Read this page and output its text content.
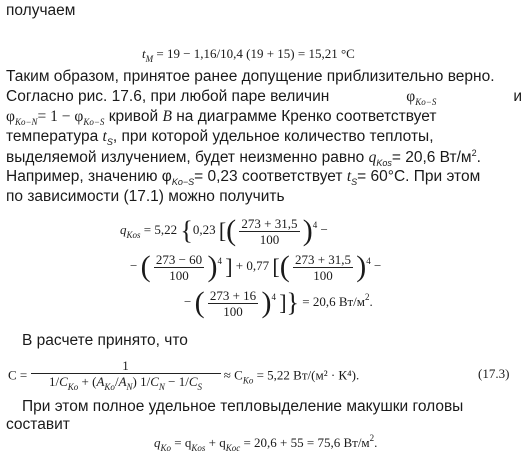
получаем
$t_M = 19 - 1,16/10,4$ (19 + 15) = 15,21 °C
Таким образом, принятое ранее допущение приблизительно верно.
Согласно рис. 17.6, при любой паре величин	$\varphi_{Ko-S}$	и
$\varphi_{Ko-N}= 1 - \varphi_{Ko-S}$ кривой B на диаграмме Кренко соответствует
температура $t_S$, при которой удельное количество теплоты,
выделяемой излучением, будет неизменно равно $q_{Kos}= 20,6$ $Вт/м^2$.
Например, значению $\varphi_{Ko-S}= 0,23$ соответствует $t_S= 60^\circ C$. При этом
по зависимости (17.1) можно получить
$q_{Kos} = 5,22$ {0,23 [( $\frac{273 + 31,5}{100} )^4$ −
− ( $\frac{273 - 60}{100} )^4$ ] + 0,77 [( $\frac{273 + 31,5}{100} )^4$ −
− ( $\frac{273 + 16}{100} )^4$ ]} = 20,6 $Вт/м^2$.
В расчете принято, что
$C = \frac{1}{1/C_{Ko} + (A_{Ko}/A_N) 1/C_N - 1/C_S} \approx C_{Ko} = 5,22$ Вт/(м² · К⁴).	(17.3)
При этом полное удельное тепловыделение макушки головы
составит
$q_{Ko} = q_{Kos} + q_{Koc} = 20,6 + 55 = 75,6$ $Вт/м^2$.
